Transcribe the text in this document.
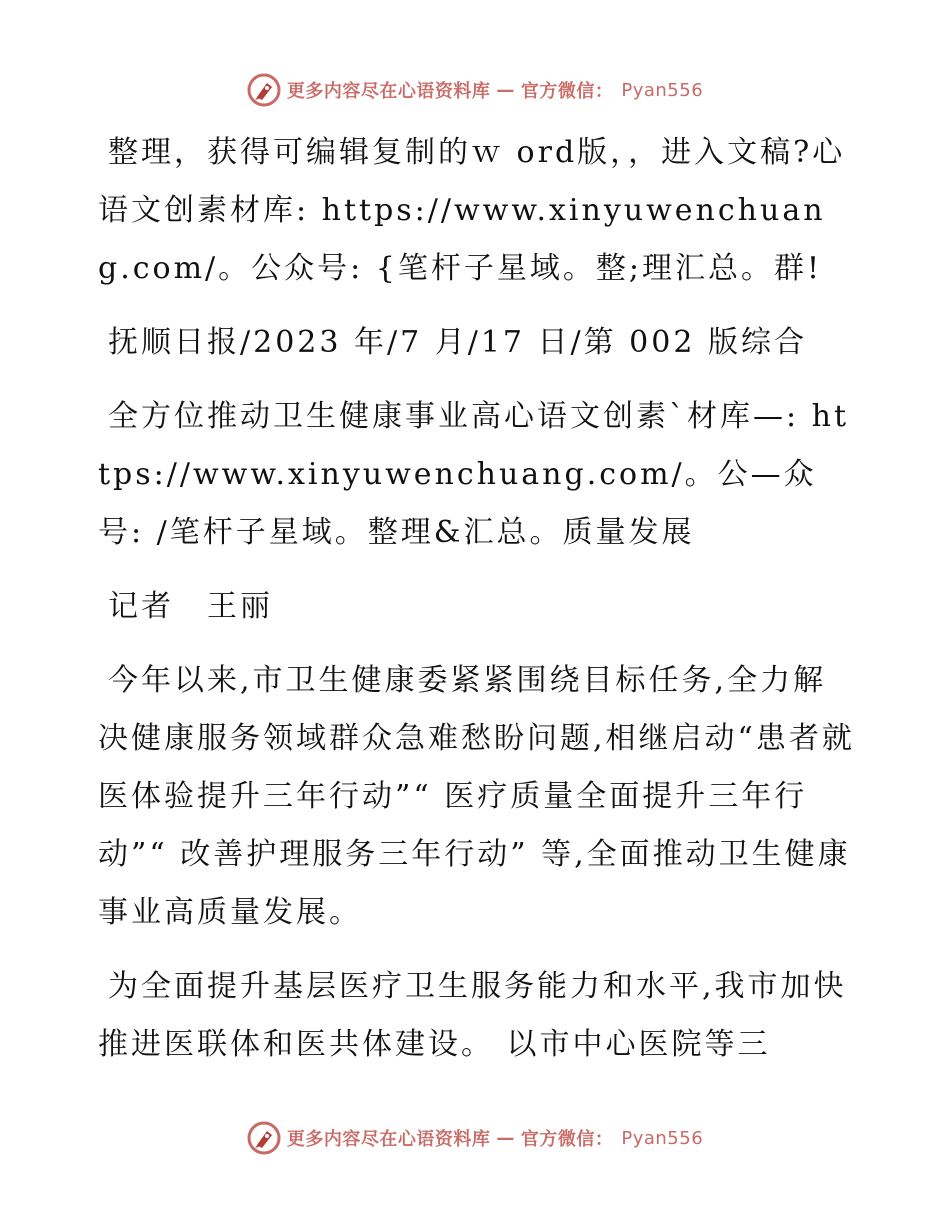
更多内容尽在心语资料库 — 官方微信： Pyan556

整理，获得可编辑复制的ｗ ord版，，进入文稿?心语文创素材库: https://www.xinyuwenchuang.com/。公众号: {笔杆子星域。整;理汇总。群!

抚顺日报/2023 年/7 月/17 日/第 002 版综合

全方位推动卫生健康事业高心语文创素`材库—: https://www.xinyuwenchuang.com/。公—众号: /笔杆子星域。整理&汇总。质量发展

记者　王丽

今年以来,市卫生健康委紧紧围绕目标任务,全力解决健康服务领域群众急难愁盼问题,相继启动“患者就医体验提升三年行动”“ 医疗质量全面提升三年行动”“ 改善护理服务三年行动” 等,全面推动卫生健康事业高质量发展。

为全面提升基层医疗卫生服务能力和水平,我市加快推进医联体和医共体建设。 以市中心医院等三

更多内容尽在心语资料库 — 官方微信： Pyan556
